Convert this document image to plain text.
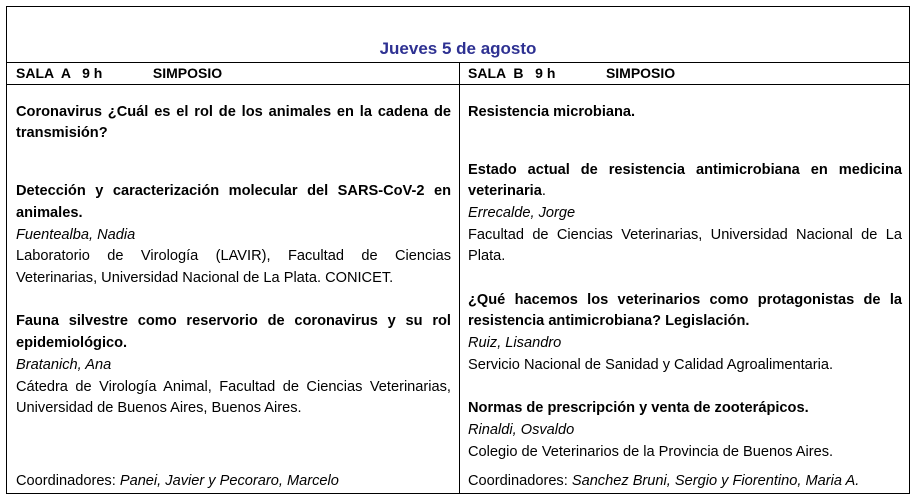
Jueves 5 de agosto
SALA  A   9 h             SIMPOSIO	SALA  B   9 h             SIMPOSIO

Coronavirus ¿Cuál es el rol de los animales en la cadena de transmisión?

Detección y caracterización molecular del SARS-CoV-2 en animales.

Fuentealba, Nadia

Laboratorio de Virología (LAVIR), Facultad de Ciencias Veterinarias, Universidad Nacional de La Plata. CONICET.

Fauna silvestre como reservorio de coronavirus y su rol epidemiológico.

Bratanich, Ana

Cátedra de Virología Animal, Facultad de Ciencias Veterinarias, Universidad de Buenos Aires, Buenos Aires.

Coordinadores: Panei, Javier y Pecoraro, Marcelo

Resistencia microbiana.

Estado actual de resistencia antimicrobiana en medicina veterinaria.

Errecalde, Jorge

Facultad de Ciencias Veterinarias, Universidad Nacional de La Plata.

¿Qué hacemos los veterinarios como protagonistas de la resistencia antimicrobiana? Legislación.

Ruiz, Lisandro

Servicio Nacional de Sanidad y Calidad Agroalimentaria.

Normas de prescripción y venta de zooterápicos.

Rinaldi, Osvaldo

Colegio de Veterinarios de la Provincia de Buenos Aires.

Coordinadores: Sanchez Bruni, Sergio y Fiorentino, Maria A.
